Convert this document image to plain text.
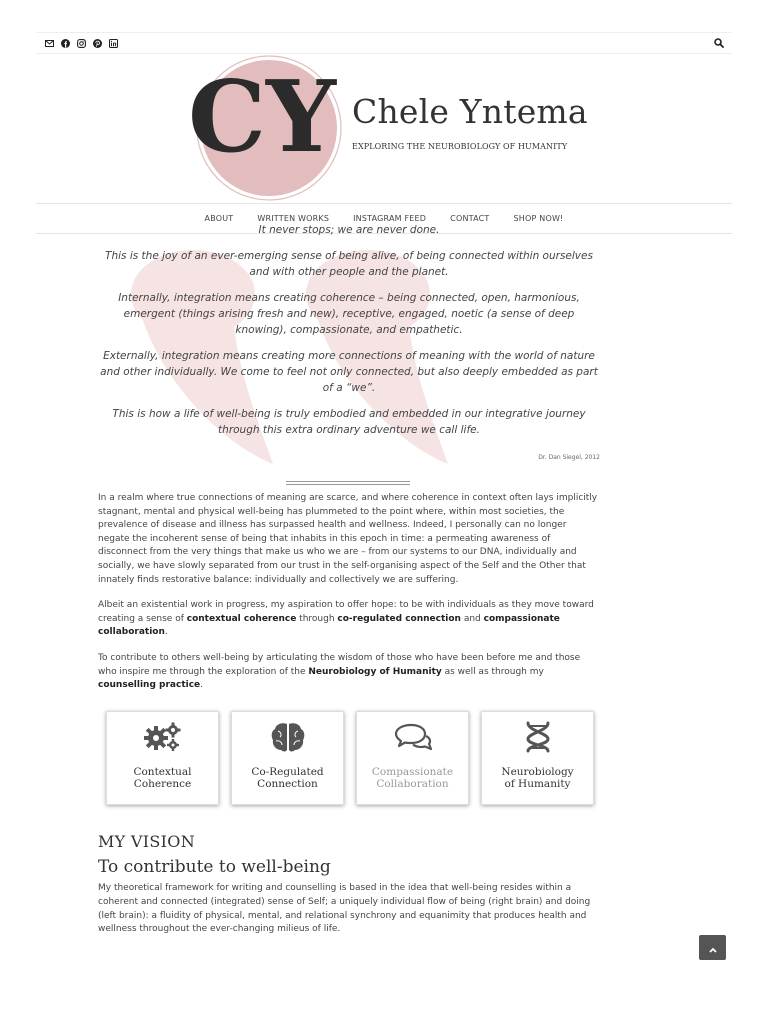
CY Chele Yntema
EXPLORING THE NEUROBIOLOGY OF HUMANITY
ABOUT	WRITTEN WORKS	INSTAGRAM FEED	CONTACT	SHOP NOW!

It never stops; we are never done.

This is the joy of an ever-emerging sense of being alive, of being connected within ourselves and with other people and the planet.

Internally, integration means creating coherence – being connected, open, harmonious, emergent (things arising fresh and new), receptive, engaged, noetic (a sense of deep knowing), compassionate, and empathetic.

Externally, integration means creating more connections of meaning with the world of nature and other individually. We come to feel not only connected, but also deeply embedded as part of a “we”.

This is how a life of well-being is truly embodied and embedded in our integrative journey through this extra ordinary adventure we call life.

Dr. Dan Siegel, 2012

In a realm where true connections of meaning are scarce, and where coherence in context often lays implicitly stagnant, mental and physical well-being has plummeted to the point where, within most societies, the prevalence of disease and illness has surpassed health and wellness. Indeed, I personally can no longer negate the incoherent sense of being that inhabits in this epoch in time: a permeating awareness of disconnect from the very things that make us who we are – from our systems to our DNA, individually and socially, we have slowly separated from our trust in the self-organising aspect of the Self and the Other that innately finds restorative balance: individually and collectively we are suffering.

Albeit an existential work in progress, my aspiration to offer hope: to be with individuals as they move toward creating a sense of contextual coherence through co-regulated connection and compassionate collaboration.

To contribute to others well-being by articulating the wisdom of those who have been before me and those who inspire me through the exploration of the Neurobiology of Humanity as well as through my counselling practice.

Contextual
Coherence
Co-Regulated
Connection
Compassionate
Collaboration
Neurobiology
of Humanity
MY VISION
To contribute to well-being

My theoretical framework for writing and counselling is based in the idea that well-being resides within a coherent and connected (integrated) sense of Self; a uniquely individual flow of being (right brain) and doing (left brain): a fluidity of physical, mental, and relational synchrony and equanimity that produces health and wellness throughout the ever-changing milieus of life.
